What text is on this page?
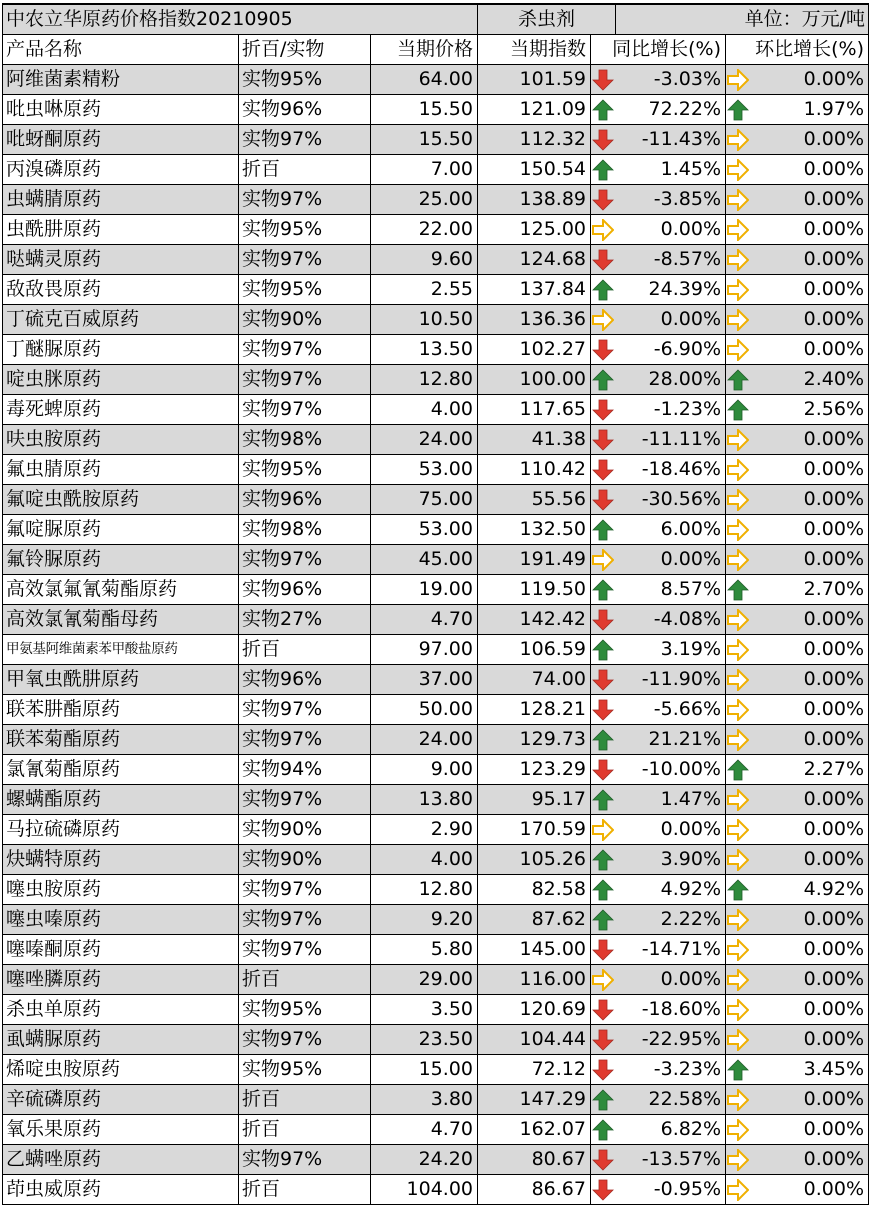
中农立华原药价格指数20210905			杀虫剂		单位：万元/吨		
产品名称	折百/实物	当期价格	当期指数	同比增长(%)		环比增长(%)	
阿维菌素精粉	实物95%	64.00	101.59		-3.03%		0.00%
吡虫啉原药	实物96%	15.50	121.09		72.22%		1.97%
吡蚜酮原药	实物97%	15.50	112.32		-11.43%		0.00%
丙溴磷原药	折百	7.00	150.54		1.45%		0.00%
虫螨腈原药	实物97%	25.00	138.89		-3.85%		0.00%
虫酰肼原药	实物95%	22.00	125.00		0.00%		0.00%
哒螨灵原药	实物97%	9.60	124.68		-8.57%		0.00%
敌敌畏原药	实物95%	2.55	137.84		24.39%		0.00%
丁硫克百威原药	实物90%	10.50	136.36		0.00%		0.00%
丁醚脲原药	实物97%	13.50	102.27		-6.90%		0.00%
啶虫脒原药	实物97%	12.80	100.00		28.00%		2.40%
毒死蜱原药	实物97%	4.00	117.65		-1.23%		2.56%
呋虫胺原药	实物98%	24.00	41.38		-11.11%		0.00%
氟虫腈原药	实物95%	53.00	110.42		-18.46%		0.00%
氟啶虫酰胺原药	实物96%	75.00	55.56		-30.56%		0.00%
氟啶脲原药	实物98%	53.00	132.50		6.00%		0.00%
氟铃脲原药	实物97%	45.00	191.49		0.00%		0.00%
高效氯氟氰菊酯原药	实物96%	19.00	119.50		8.57%		2.70%
高效氯氰菊酯母药	实物27%	4.70	142.42		-4.08%		0.00%
甲氨基阿维菌素苯甲酸盐原药	折百	97.00	106.59		3.19%		0.00%
甲氧虫酰肼原药	实物96%	37.00	74.00		-11.90%		0.00%
联苯肼酯原药	实物97%	50.00	128.21		-5.66%		0.00%
联苯菊酯原药	实物97%	24.00	129.73		21.21%		0.00%
氯氰菊酯原药	实物94%	9.00	123.29		-10.00%		2.27%
螺螨酯原药	实物97%	13.80	95.17		1.47%		0.00%
马拉硫磷原药	实物90%	2.90	170.59		0.00%		0.00%
炔螨特原药	实物90%	4.00	105.26		3.90%		0.00%
噻虫胺原药	实物97%	12.80	82.58		4.92%		4.92%
噻虫嗪原药	实物97%	9.20	87.62		2.22%		0.00%
噻嗪酮原药	实物97%	5.80	145.00		-14.71%		0.00%
噻唑膦原药	折百	29.00	116.00		0.00%		0.00%
杀虫单原药	实物95%	3.50	120.69		-18.60%		0.00%
虱螨脲原药	实物97%	23.50	104.44		-22.95%		0.00%
烯啶虫胺原药	实物95%	15.00	72.12		-3.23%		3.45%
辛硫磷原药	折百	3.80	147.29		22.58%		0.00%
氧乐果原药	折百	4.70	162.07		6.82%		0.00%
乙螨唑原药	实物97%	24.20	80.67		-13.57%		0.00%
茚虫威原药	折百	104.00	86.67		-0.95%		0.00%
